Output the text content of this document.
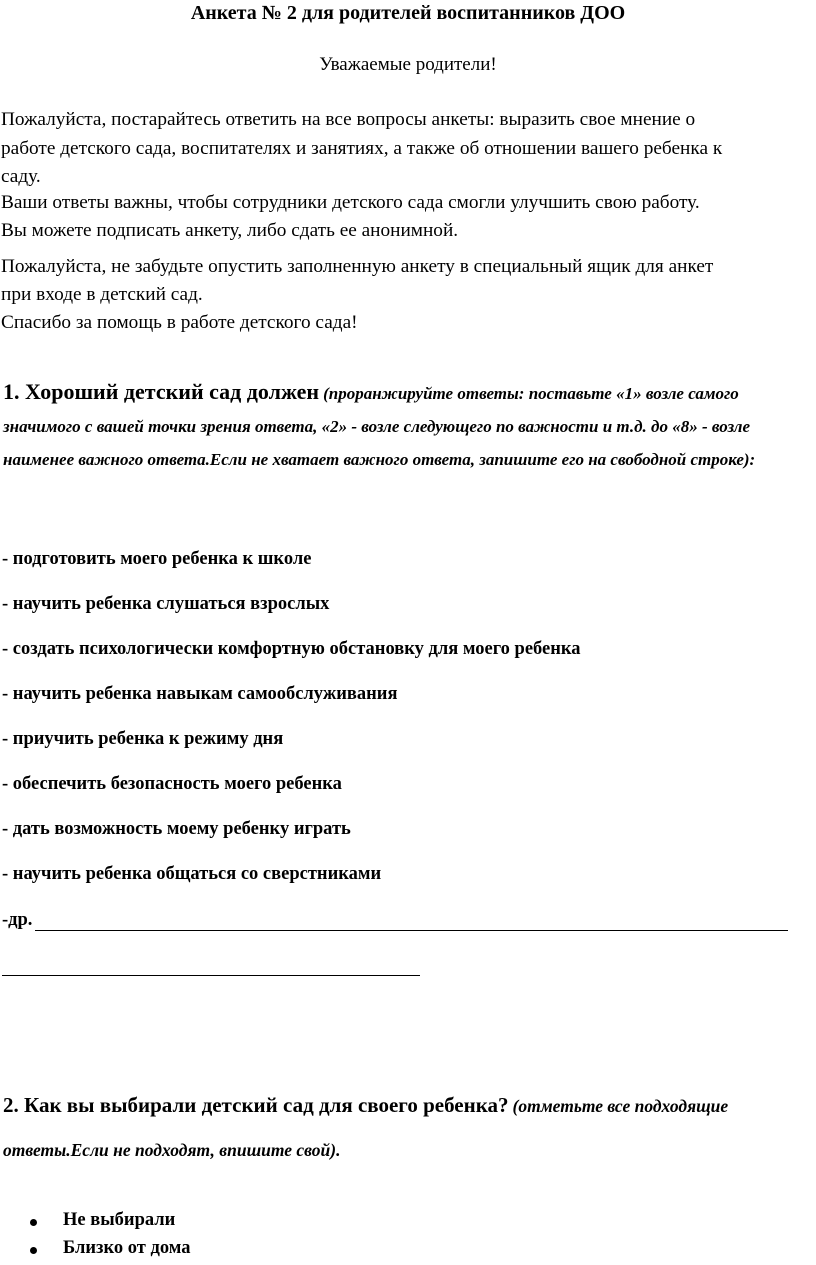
Анкета № 2 для родителей воспитанников ДОО
Уважаемые родители!
Пожалуйста, постарайтесь ответить на все вопросы анкеты: выразить свое мнение о
работе детского сада, воспитателях и занятиях, а также об отношении вашего ребенка к
саду.
Ваши ответы важны, чтобы сотрудники детского сада смогли улучшить свою работу.
Вы можете подписать анкету, либо сдать ее анонимной.
Пожалуйста, не забудьте опустить заполненную анкету в специальный ящик для анкет
при входе в детский сад.
Спасибо за помощь в работе детского сада!
1. Хороший детский сад должен (проранжируйте ответы: поставьте «1» возле самого значимого с вашей точки зрения ответа, «2» - возле следующего по важности и т.д. до «8» - возле наименее важного ответа.Если не хватает важного ответа, запишите его на свободной строке):
- подготовить моего ребенка к школе
- научить ребенка слушаться взрослых
- создать психологически комфортную обстановку для моего ребенка
- научить ребенка навыкам самообслуживания
- приучить ребенка к режиму дня
- обеспечить безопасность моего ребенка
- дать возможность моему ребенку играть
- научить ребенка общаться со сверстниками
-др.
2. Как вы выбирали детский сад для своего ребенка? (отметьте все подходящие ответы.Если не подходят, впишите свой).
Не выбирали
Близко от дома
